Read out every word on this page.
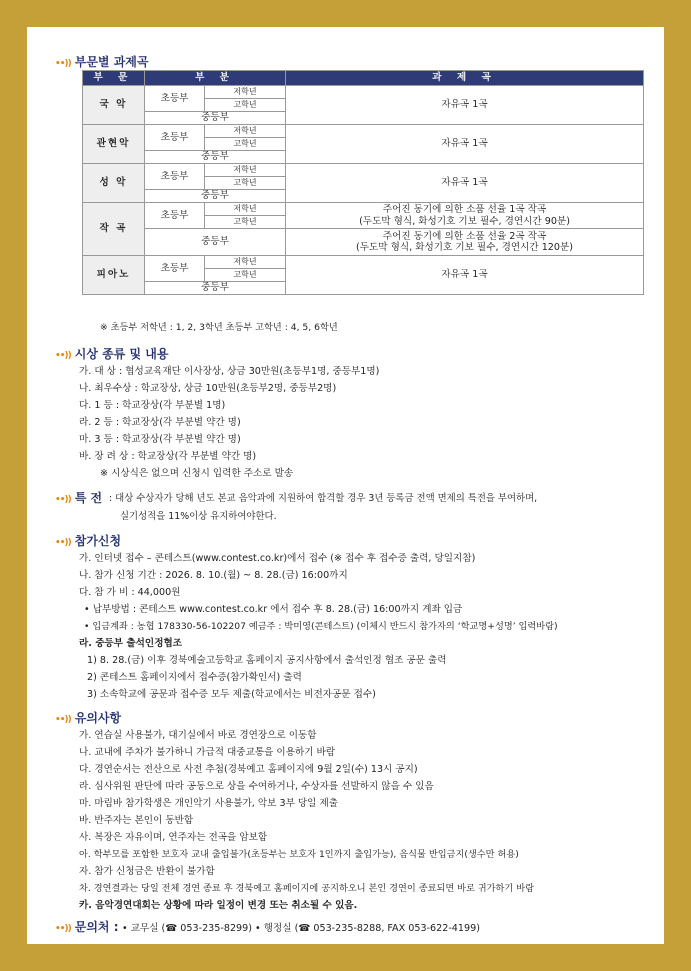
••)) 부문별 과제곡
부 문	부 분		과 제 곡
국 악	초등부	저학년	자유곡 1곡
		고학년	
	중등부		
관현악	초등부	저학년	자유곡 1곡
		고학년	
	중등부		
성 악	초등부	저학년	자유곡 1곡
		고학년	
	중등부		
작 곡	초등부	저학년	주어진 동기에 의한 소품 선율 1곡 작곡
(두도막 형식, 화성기호 기보 필수, 경연시간 90분)
		고학년	
	중등부		주어진 동기에 의한 소품 선율 2곡 작곡
(두도막 형식, 화성기호 기보 필수, 경연시간 120분)
피아노	초등부	저학년	자유곡 1곡
		고학년	
	중등부		
※ 초등부 저학년 : 1, 2, 3학년 초등부 고학년 : 4, 5, 6학년
••)) 시상 종류 및 내용
가. 대 상 : 협성교육재단 이사장상, 상금 30만원(초등부1명, 중등부1명)
나. 최우수상 : 학교장상, 상금 10만원(초등부2명, 중등부2명)
다. 1 등 : 학교장상(각 부분별 1명)
라. 2 등 : 학교장상(각 부분별 약간 명)
마. 3 등 : 학교장상(각 부분별 약간 명)
바. 장 려 상 : 학교장상(각 부분별 약간 명)
※ 시상식은 없으며 신청시 입력한 주소로 발송
••)) 특 전 : 대상 수상자가 당해 년도 본교 음악과에 지원하여 합격할 경우 3년 등록금 전액 면제의 특전을 부여하며,
실기성적을 11%이상 유지하여야한다.
••)) 참가신청
가. 인터넷 접수 – 콘테스트(www.contest.co.kr)에서 접수 (※ 접수 후 접수증 출력, 당일지참)
나. 참가 신청 기간 : 2026. 8. 10.(월) ~ 8. 28.(금) 16:00까지
다. 참 가 비 : 44,000원
• 납부방법 : 콘테스트 www.contest.co.kr 에서 접수 후 8. 28.(금) 16:00까지 계좌 입금
• 입금계좌 : 농협 178330-56-102207 예금주 : 박미영(콘테스트) (이체시 반드시 참가자의 ‘학교명+성명’ 입력바람)
라. 중등부 출석인정협조
1) 8. 28.(금) 이후 경북예술고등학교 홈페이지 공지사항에서 출석인정 협조 공문 출력
2) 콘테스트 홈페이지에서 접수증(참가확인서) 출력
3) 소속학교에 공문과 접수증 모두 제출(학교에서는 비전자공문 접수)
••)) 유의사항
가. 연습실 사용불가, 대기실에서 바로 경연장으로 이동함
나. 교내에 주차가 불가하니 가급적 대중교통을 이용하기 바람
다. 경연순서는 전산으로 사전 추첨(경북예고 홈페이지에 9월 2일(수) 13시 공지)
라. 심사위원 판단에 따라 공동으로 상을 수여하거나, 수상자를 선발하지 않을 수 있음
마. 마림바 참가학생은 개인악기 사용불가, 악보 3부 당일 제출
바. 반주자는 본인이 동반함
사. 복장은 자유이며, 연주자는 전곡을 암보함
아. 학부모를 포함한 보호자 교내 출입불가(초등부는 보호자 1인까지 출입가능), 음식물 반입금지(생수만 허용)
자. 참가 신청금은 반환이 불가함
차. 경연결과는 당일 전체 경연 종료 후 경북예고 홈페이지에 공지하오니 본인 경연이 종료되면 바로 귀가하기 바람
카. 음악경연대회는 상황에 따라 일정이 변경 또는 취소될 수 있음.
••)) 문의처 : • 교무실 (☎ 053-235-8299) • 행정실 (☎ 053-235-8288, FAX 053-622-4199)
